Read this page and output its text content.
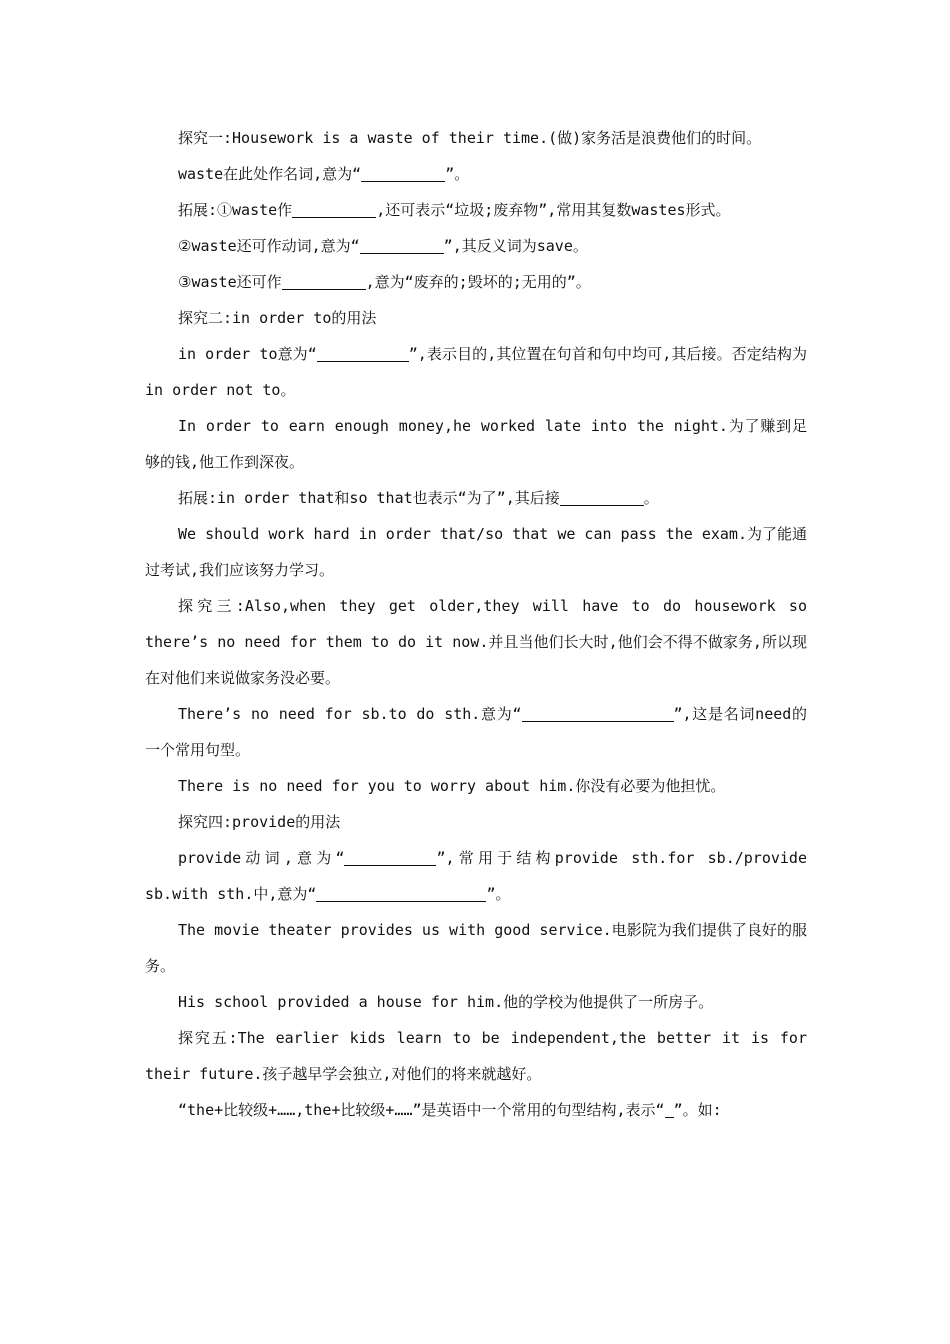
探究一:Housework is a waste of their time.(做)家务活是浪费他们的时间。

waste在此处作名词,意为“	”。

拓展:①waste作	,还可表示“垃圾;废弃物”,常用其复数wastes形式。

②waste还可作动词,意为“	”,其反义词为save。

③waste还可作	,意为“废弃的;毁坏的;无用的”。

探究二:in order to的用法

in order to意为“	”,表示目的,其位置在句首和句中均可,其后接。否定结构为in order not to。

In order to earn enough money,he worked late into the night.为了赚到足够的钱,他工作到深夜。

拓展:in order that和so that也表示“为了”,其后接	。

We should work hard in order that/so that we can pass the exam.为了能通过考试,我们应该努力学习。

探究三:Also,when they get older,they will have to do housework so there’s no need for them to do it now.并且当他们长大时,他们会不得不做家务,所以现在对他们来说做家务没必要。

There’s no need for sb.to do sth.意为“	”,这是名词need的一个常用句型。

There is no need for you to worry about him.你没有必要为他担忧。

探究四:provide的用法

provide动词,意为“	”,常用于结构provide sth.for sb./provide sb.with sth.中,意为“	”。

The movie theater provides us with good service.电影院为我们提供了良好的服务。

His school provided a house for him.他的学校为他提供了一所房子。

探究五:The earlier kids learn to be independent,the better it is for their future.孩子越早学会独立,对他们的将来就越好。

“the+比较级+……,the+比较级+……”是英语中一个常用的句型结构,表示“ ”。如:
